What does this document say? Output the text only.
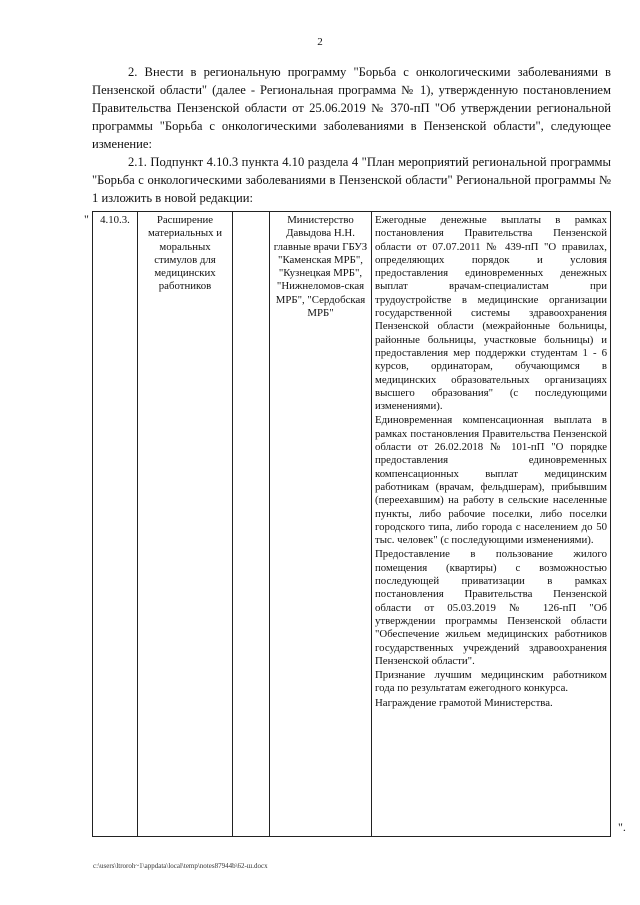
2

2. Внести в региональную программу "Борьба с онкологическими заболеваниями в Пензенской области" (далее - Региональная программа № 1), утвержденную постановлением Правительства Пензенской области от 25.06.2019 № 370-пП "Об утверждении региональной программы "Борьба с онкологическими заболеваниями в Пензенской области", следующее изменение:

2.1. Подпункт 4.10.3 пункта 4.10 раздела 4 "План мероприятий региональной программы "Борьба с онкологическими заболеваниями в Пензенской области" Региональной программы № 1 изложить в новой редакции:

" 4.10.3.	Расширение материальных и моральных стимулов для медицинских работников		Министерство Давыдова Н.Н. главные врачи ГБУЗ "Каменская МРБ", "Кузнецкая МРБ", "Нижнеломов-ская МРБ", "Сердобская МРБ"	
Ежегодные денежные выплаты в рамках постановления Правительства Пензенской области от 07.07.2011 № 439-пП "О правилах, определяющих порядок и условия предоставления единовременных денежных выплат врачам-специалистам при трудоустройстве в медицинские организации государственной системы здравоохранения Пензенской области (межрайонные больницы, районные больницы, участковые больницы) и предоставления мер поддержки студентам 1 - 6 курсов, ординаторам, обучающимся в медицинских образовательных организациях высшего образования" (с последующими изменениями).
Единовременная компенсационная выплата в рамках постановления Правительства Пензенской области от 26.02.2018 № 101-пП "О порядке предоставления единовременных компенсационных выплат медицинским работникам (врачам, фельдшерам), прибывшим (переехавшим) на работу в сельские населенные пункты, либо рабочие поселки, либо поселки городского типа, либо города с населением до 50 тыс. человек" (с последующими изменениями).
Предоставление в пользование жилого помещения (квартиры) с возможностью последующей приватизации в рамках постановления Правительства Пензенской области от 05.03.2019 № 126-пП "Об утверждении программы Пензенской области "Обеспечение жильем медицинских работников государственных учреждений здравоохранения Пензенской области".
Признание лучшим медицинским работником года по результатам ежегодного конкурса.
Награждение грамотой Министерства.
".
c:\users\ltroroh~1\appdata\local\temp\notes87944b\62-ш.docx
